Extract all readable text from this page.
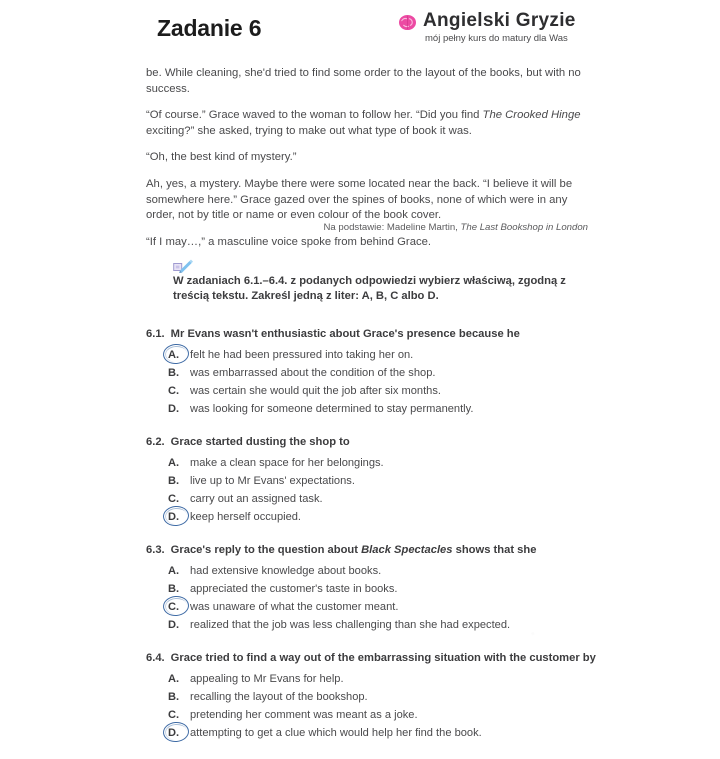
Zadanie 6	Angielski Gryzie
mój pełny kurs do matury dla Was

be. While cleaning, she'd tried to find some order to the layout of the books, but with no success.

“Of course.” Grace waved to the woman to follow her. “Did you find The Crooked Hinge exciting?” she asked, trying to make out what type of book it was.

“Oh, the best kind of mystery.”

Ah, yes, a mystery. Maybe there were some located near the back. “I believe it will be somewhere here.” Grace gazed over the spines of books, none of which were in any order, not by title or name or even colour of the book cover.

“If I may…,” a masculine voice spoke from behind Grace.

Na podstawie: Madeline Martin, The Last Bookshop in London
W zadaniach 6.1.–6.4. z podanych odpowiedzi wybierz właściwą, zgodną z treścią tekstu. Zakreśl jedną z liter: A, B, C albo D.
6.1. Mr Evans wasn't enthusiastic about Grace's presence because he
A. felt he had been pressured into taking her on.
B. was embarrassed about the condition of the shop.
C. was certain she would quit the job after six months.
D. was looking for someone determined to stay permanently.
6.2. Grace started dusting the shop to
A. make a clean space for her belongings.
B. live up to Mr Evans' expectations.
C. carry out an assigned task.
D. keep herself occupied.
6.3. Grace's reply to the question about Black Spectacles shows that she
A. had extensive knowledge about books.
B. appreciated the customer's taste in books.
C. was unaware of what the customer meant.
D. realized that the job was less challenging than she had expected.
6.4. Grace tried to find a way out of the embarrassing situation with the customer by
A. appealing to Mr Evans for help.
B. recalling the layout of the bookshop.
C. pretending her comment was meant as a joke.
D. attempting to get a clue which would help her find the book.
